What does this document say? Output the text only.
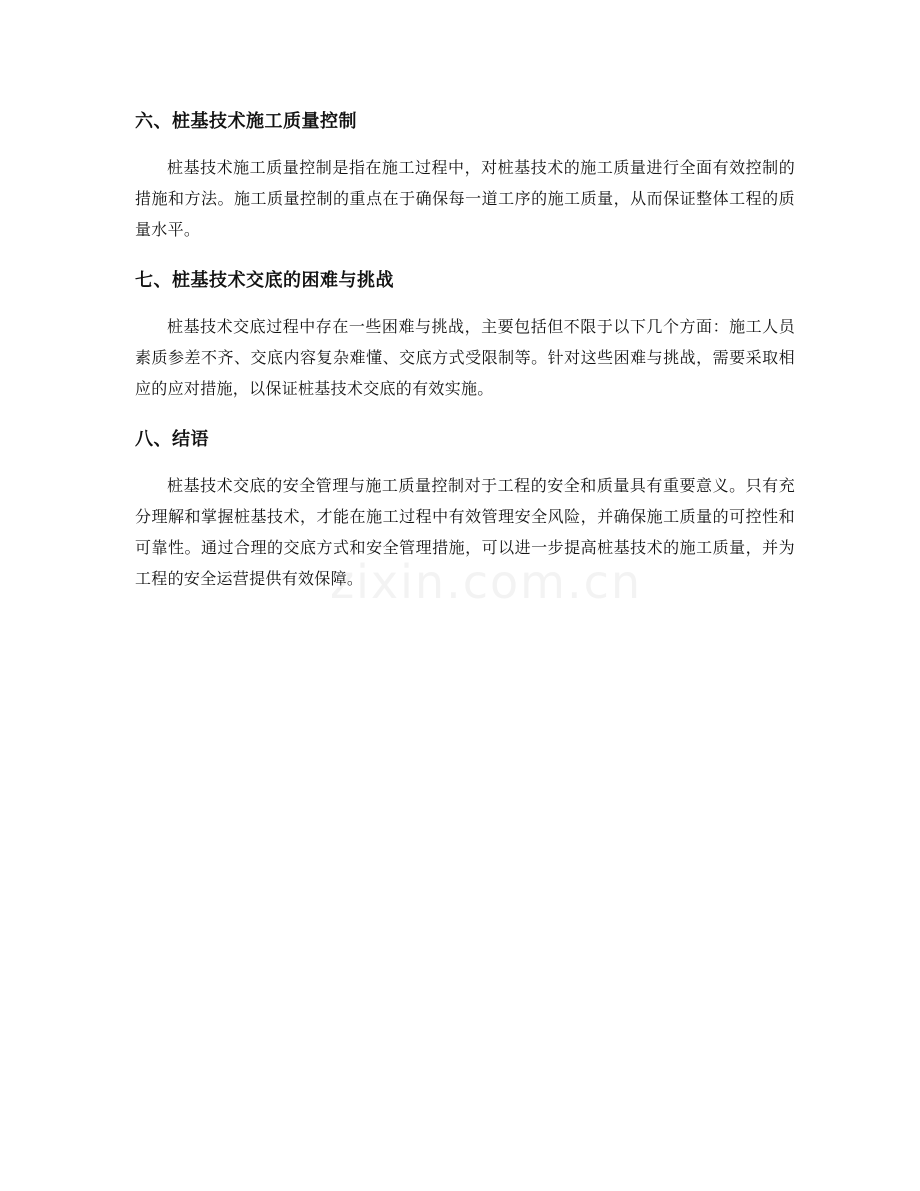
六、桩基技术施工质量控制

桩基技术施工质量控制是指在施工过程中，对桩基技术的施工质量进行全面有效控制的措施和方法。施工质量控制的重点在于确保每一道工序的施工质量，从而保证整体工程的质量水平。

七、桩基技术交底的困难与挑战

桩基技术交底过程中存在一些困难与挑战，主要包括但不限于以下几个方面：施工人员素质参差不齐、交底内容复杂难懂、交底方式受限制等。针对这些困难与挑战，需要采取相应的应对措施，以保证桩基技术交底的有效实施。

八、结语

桩基技术交底的安全管理与施工质量控制对于工程的安全和质量具有重要意义。只有充分理解和掌握桩基技术，才能在施工过程中有效管理安全风险，并确保施工质量的可控性和可靠性。通过合理的交底方式和安全管理措施，可以进一步提高桩基技术的施工质量，并为工程的安全运营提供有效保障。

zixin.com.cn
